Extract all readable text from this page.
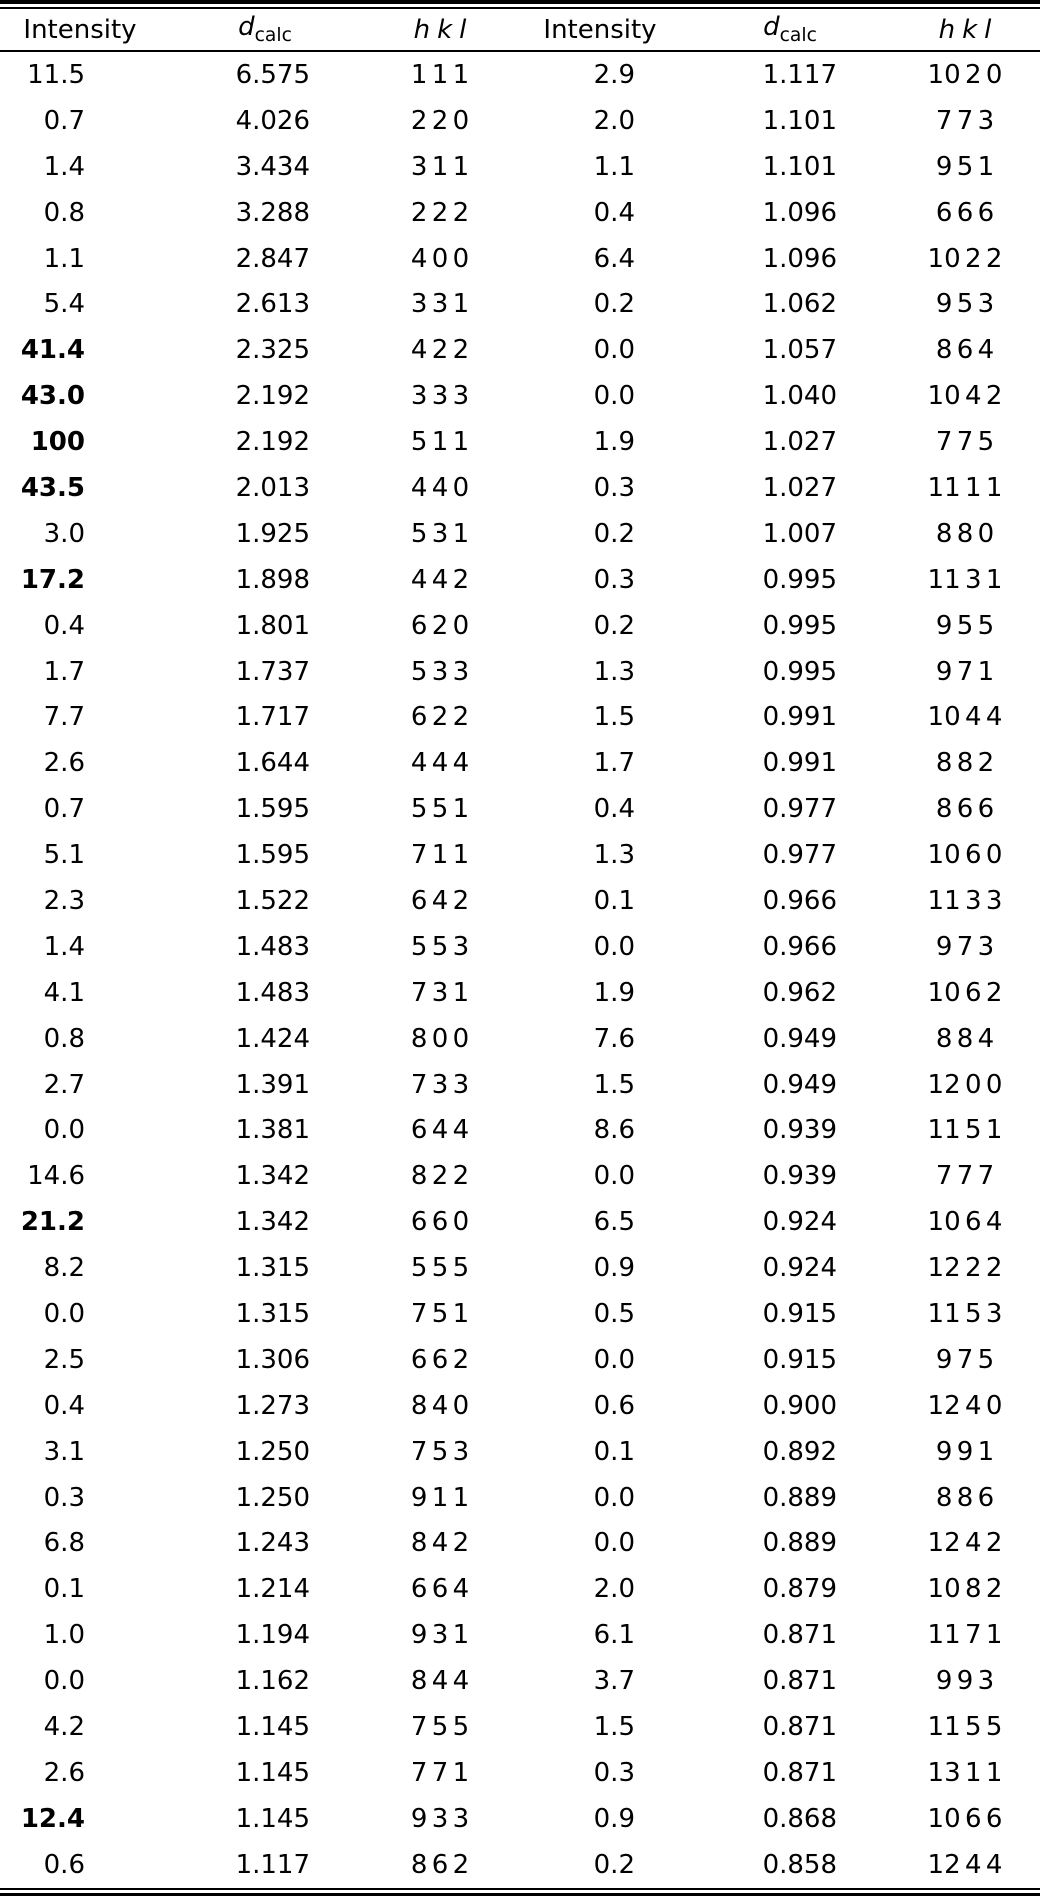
Intensity	$d_{calc}$	h k l	Intensity	$d_{calc}$	h k l
11.5	6.575	1 1 1	2.9	1.117	10 2 0
0.7	4.026	2 2 0	2.0	1.101	7 7 3
1.4	3.434	3 1 1	1.1	1.101	9 5 1
0.8	3.288	2 2 2	0.4	1.096	6 6 6
1.1	2.847	4 0 0	6.4	1.096	10 2 2
5.4	2.613	3 3 1	0.2	1.062	9 5 3
41.4	2.325	4 2 2	0.0	1.057	8 6 4
43.0	2.192	3 3 3	0.0	1.040	10 4 2
100	2.192	5 1 1	1.9	1.027	7 7 5
43.5	2.013	4 4 0	0.3	1.027	11 1 1
3.0	1.925	5 3 1	0.2	1.007	8 8 0
17.2	1.898	4 4 2	0.3	0.995	11 3 1
0.4	1.801	6 2 0	0.2	0.995	9 5 5
1.7	1.737	5 3 3	1.3	0.995	9 7 1
7.7	1.717	6 2 2	1.5	0.991	10 4 4
2.6	1.644	4 4 4	1.7	0.991	8 8 2
0.7	1.595	5 5 1	0.4	0.977	8 6 6
5.1	1.595	7 1 1	1.3	0.977	10 6 0
2.3	1.522	6 4 2	0.1	0.966	11 3 3
1.4	1.483	5 5 3	0.0	0.966	9 7 3
4.1	1.483	7 3 1	1.9	0.962	10 6 2
0.8	1.424	8 0 0	7.6	0.949	8 8 4
2.7	1.391	7 3 3	1.5	0.949	12 0 0
0.0	1.381	6 4 4	8.6	0.939	11 5 1
14.6	1.342	8 2 2	0.0	0.939	7 7 7
21.2	1.342	6 6 0	6.5	0.924	10 6 4
8.2	1.315	5 5 5	0.9	0.924	12 2 2
0.0	1.315	7 5 1	0.5	0.915	11 5 3
2.5	1.306	6 6 2	0.0	0.915	9 7 5
0.4	1.273	8 4 0	0.6	0.900	12 4 0
3.1	1.250	7 5 3	0.1	0.892	9 9 1
0.3	1.250	9 1 1	0.0	0.889	8 8 6
6.8	1.243	8 4 2	0.0	0.889	12 4 2
0.1	1.214	6 6 4	2.0	0.879	10 8 2
1.0	1.194	9 3 1	6.1	0.871	11 7 1
0.0	1.162	8 4 4	3.7	0.871	9 9 3
4.2	1.145	7 5 5	1.5	0.871	11 5 5
2.6	1.145	7 7 1	0.3	0.871	13 1 1
12.4	1.145	9 3 3	0.9	0.868	10 6 6
0.6	1.117	8 6 2	0.2	0.858	12 4 4
